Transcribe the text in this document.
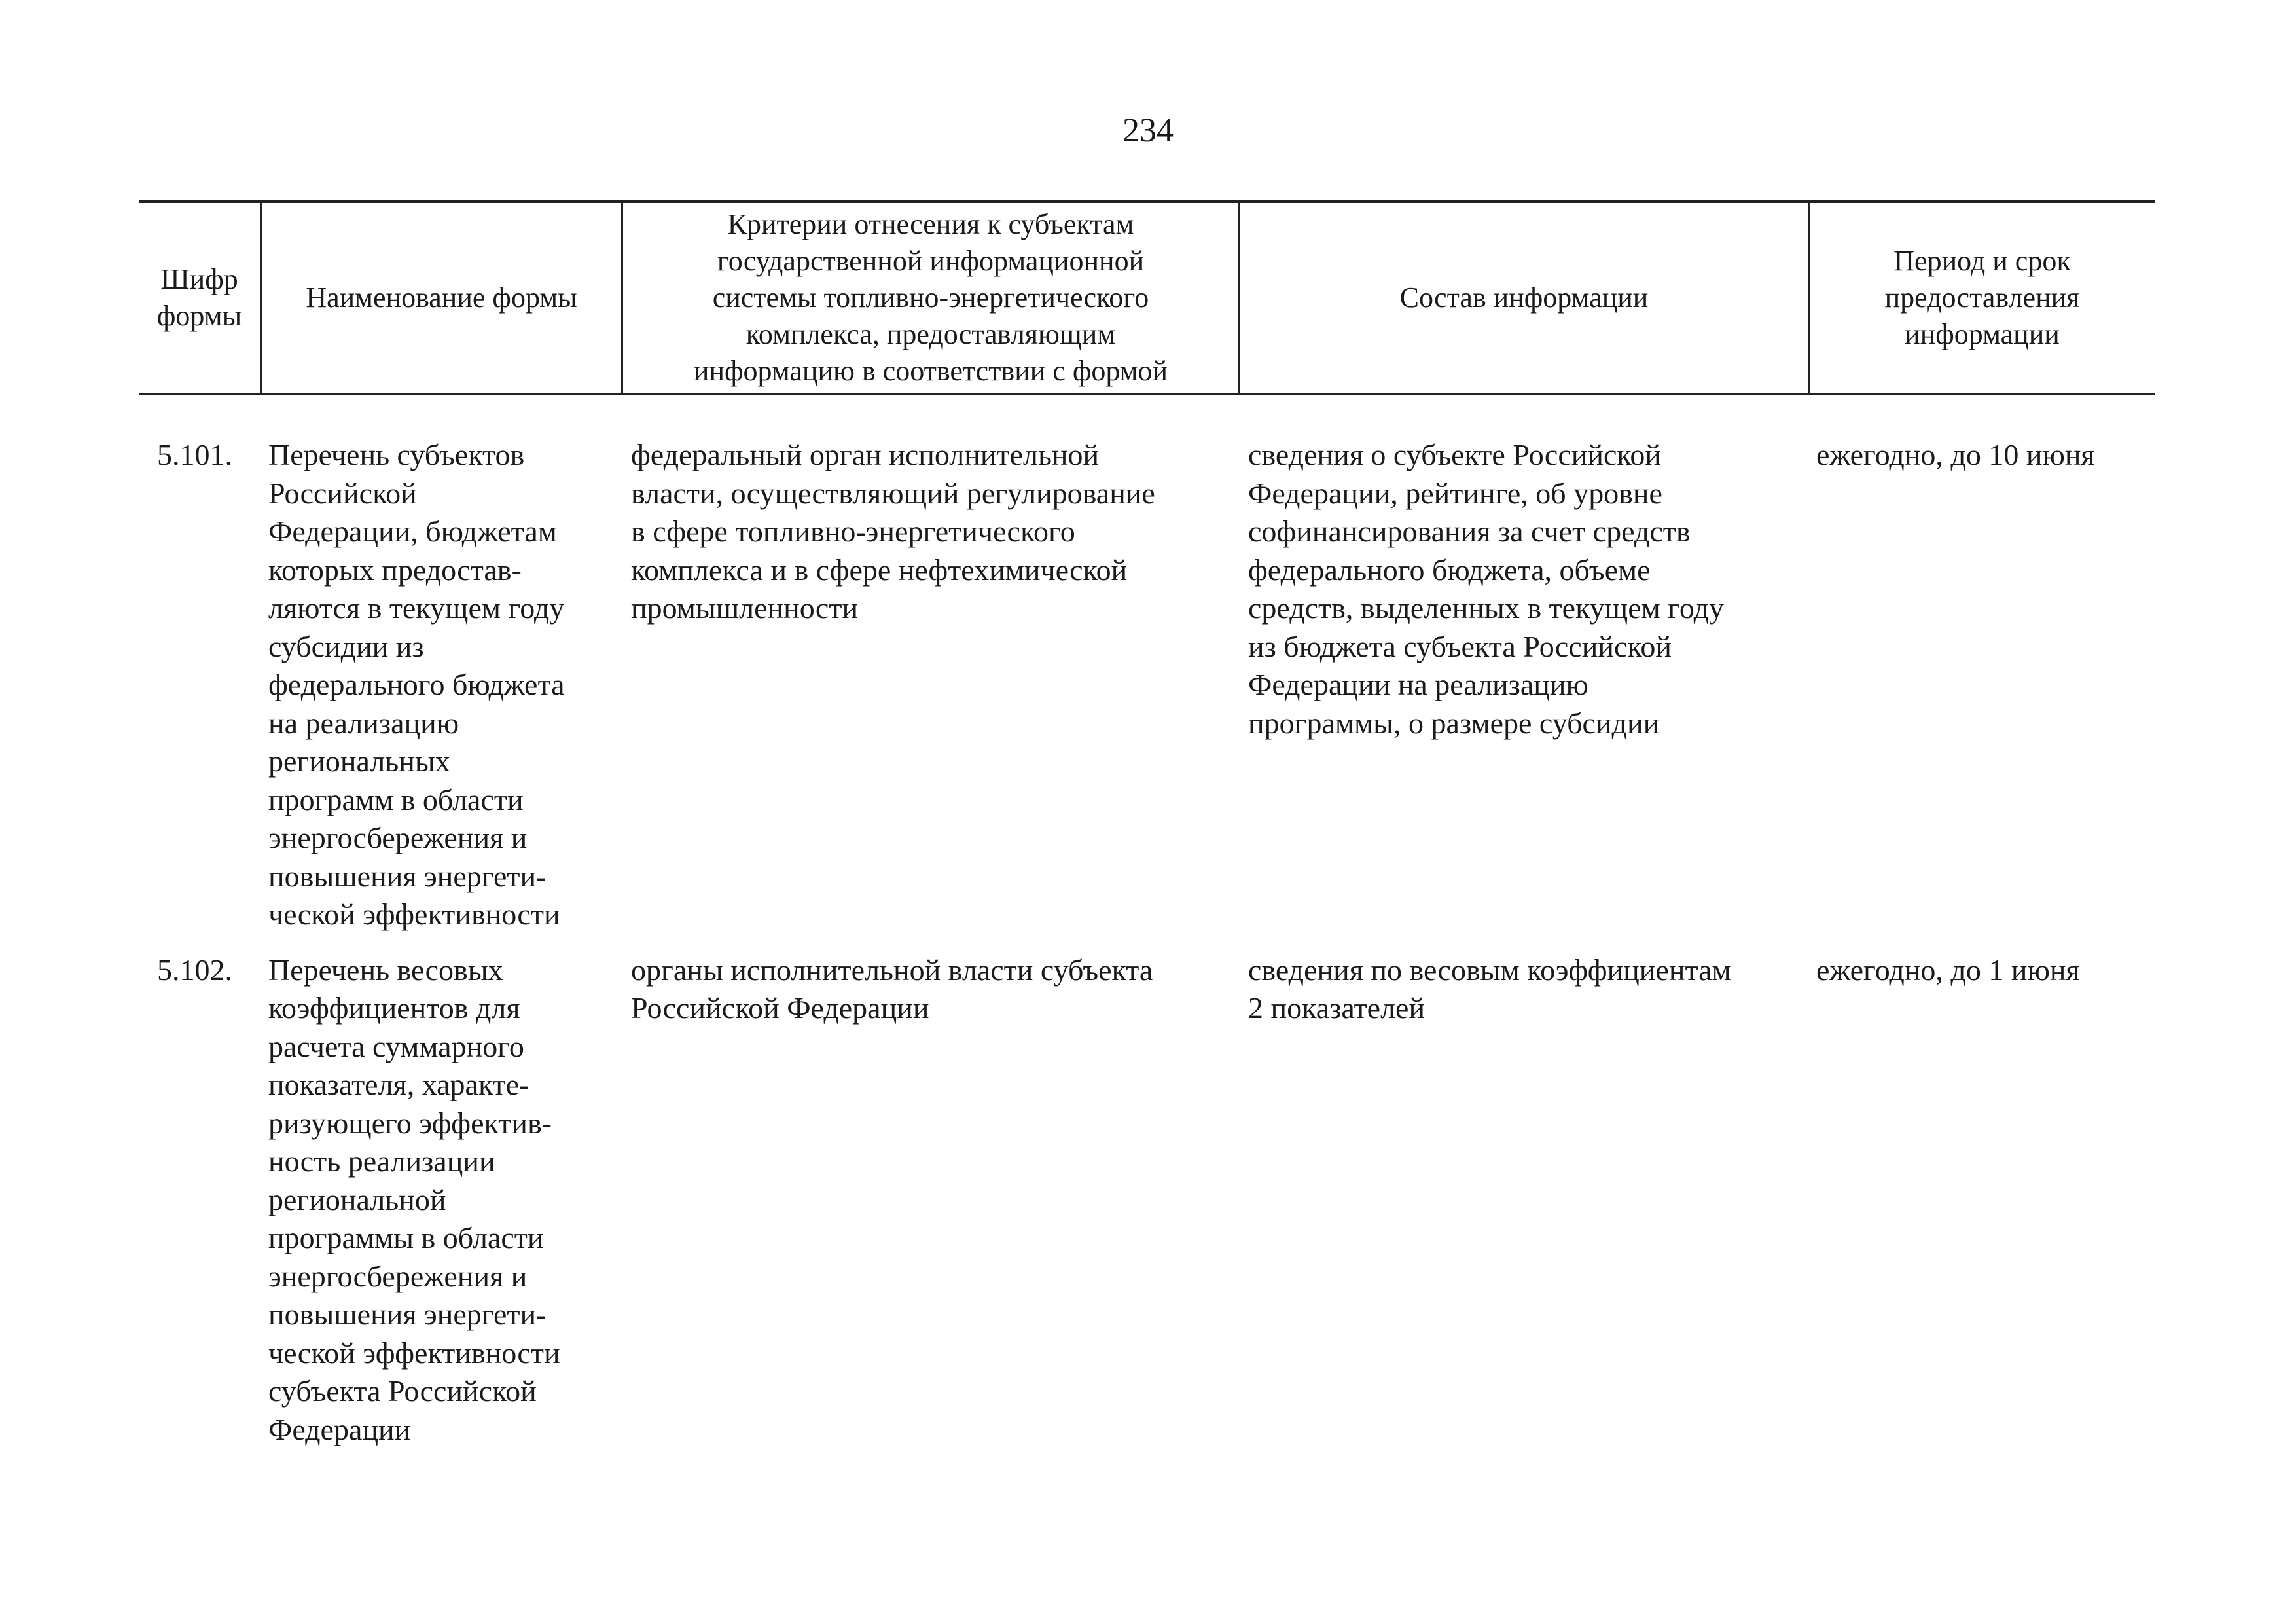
234
Шифр
формы
Наименование формы
Критерии отнесения к субъектам
государственной информационной
системы топливно-энергетического
комплекса, предоставляющим
информацию в соответствии с формой
Состав информации
Период и срок
предоставления
информации
5.101.	Перечень субъектов
Российской
Федерации, бюджетам
которых предостав-
ляются в текущем году
субсидии из
федерального бюджета
на реализацию
региональных
программ в области
энергосбережения и
повышения энергети-
ческой эффективности
федеральный орган исполнительной
власти, осуществляющий регулирование
в сфере топливно-энергетического
комплекса и в сфере нефтехимической
промышленности
сведения о субъекте Российской
Федерации, рейтинге, об уровне
софинансирования за счет средств
федерального бюджета, объеме
средств, выделенных в текущем году
из бюджета субъекта Российской
Федерации на реализацию
программы, о размере субсидии
ежегодно, до 10 июня
5.102.	Перечень весовых
коэффициентов для
расчета суммарного
показателя, характе-
ризующего эффектив-
ность реализации
региональной
программы в области
энергосбережения и
повышения энергети-
ческой эффективности
субъекта Российской
Федерации
органы исполнительной власти субъекта
Российской Федерации
сведения по весовым коэффициентам
2 показателей
ежегодно, до 1 июня
